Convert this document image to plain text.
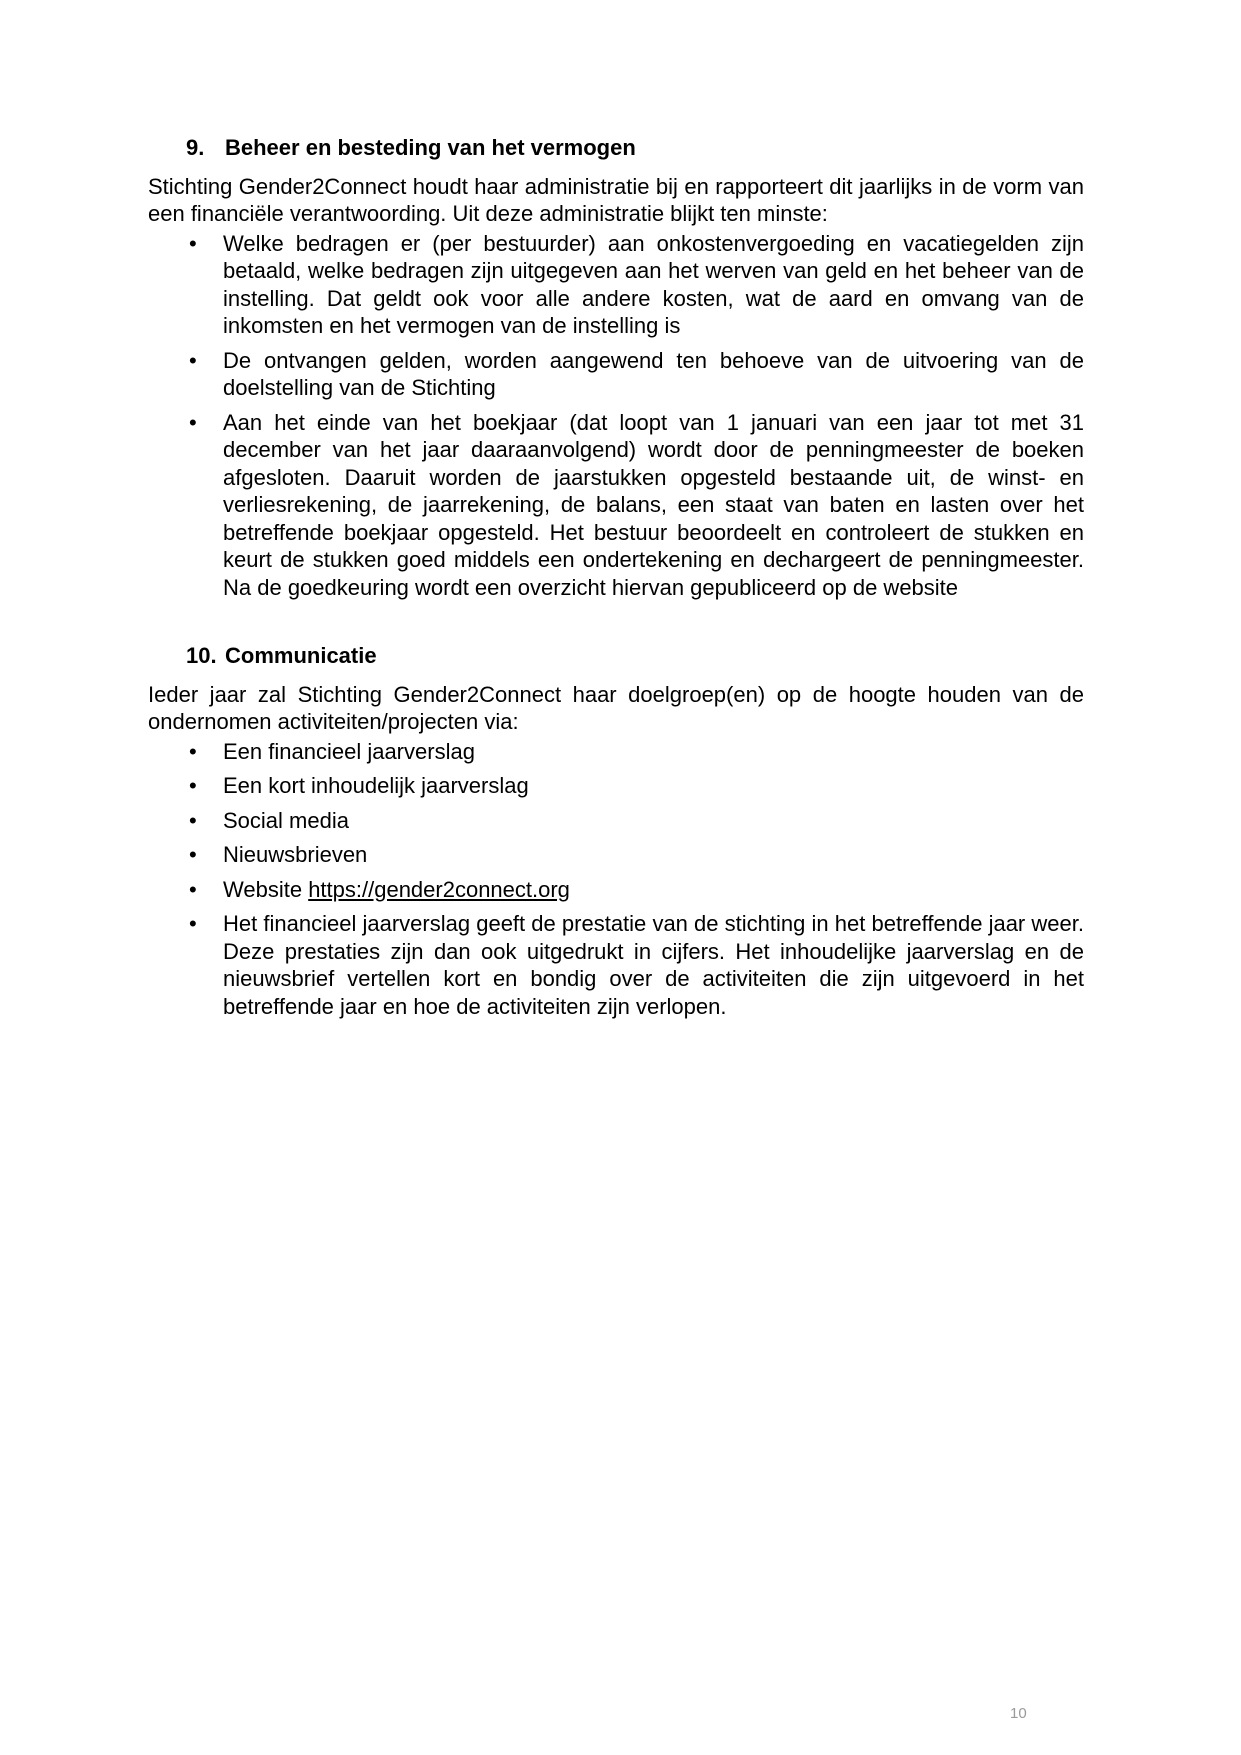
9. Beheer en besteding van het vermogen

Stichting Gender2Connect houdt haar administratie bij en rapporteert dit jaarlijks in de vorm van een financiële verantwoording. Uit deze administratie blijkt ten minste:

• Welke bedragen er (per bestuurder) aan onkostenvergoeding en vacatiegelden zijn betaald, welke bedragen zijn uitgegeven aan het werven van geld en het beheer van de instelling. Dat geldt ook voor alle andere kosten, wat de aard en omvang van de inkomsten en het vermogen van de instelling is
• De ontvangen gelden, worden aangewend ten behoeve van de uitvoering van de doelstelling van de Stichting
• Aan het einde van het boekjaar (dat loopt van 1 januari van een jaar tot met 31 december van het jaar daaraanvolgend) wordt door de penningmeester de boeken afgesloten. Daaruit worden de jaarstukken opgesteld bestaande uit, de winst- en verliesrekening, de jaarrekening, de balans, een staat van baten en lasten over het betreffende boekjaar opgesteld. Het bestuur beoordeelt en controleert de stukken en keurt de stukken goed middels een ondertekening en dechargeert de penningmeester. Na de goedkeuring wordt een overzicht hiervan gepubliceerd op de website
10. Communicatie

Ieder jaar zal Stichting Gender2Connect haar doelgroep(en) op de hoogte houden van de ondernomen activiteiten/projecten via:

• Een financieel jaarverslag
• Een kort inhoudelijk jaarverslag
• Social media
• Nieuwsbrieven
• Website https://gender2connect.org
• Het financieel jaarverslag geeft de prestatie van de stichting in het betreffende jaar weer. Deze prestaties zijn dan ook uitgedrukt in cijfers. Het inhoudelijke jaarverslag en de nieuwsbrief vertellen kort en bondig over de activiteiten die zijn uitgevoerd in het betreffende jaar en hoe de activiteiten zijn verlopen.
10
